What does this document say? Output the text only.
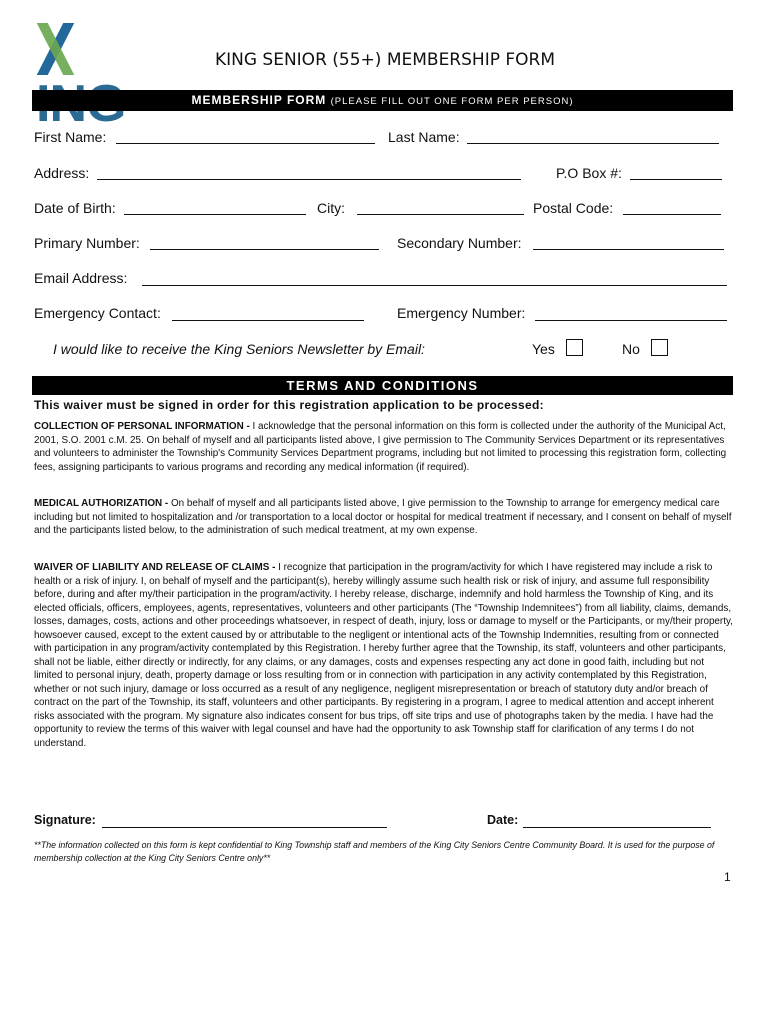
KING SENIOR (55+) MEMBERSHIP FORM
MEMBERSHIP FORM (PLEASE FILL OUT ONE FORM PER PERSON)
First Name:	Last Name:
Address:	P.O Box #:
Date of Birth:	City:	Postal Code:
Primary Number:	Secondary Number:
Email Address:
Emergency Contact:	Emergency Number:
I would like to receive the King Seniors Newsletter by Email:	Yes	No
TERMS AND CONDITIONS
This waiver must be signed in order for this registration application to be processed:
COLLECTION OF PERSONAL INFORMATION - I acknowledge that the personal information on this form is collected under the authority of the Municipal Act, 2001, S.O. 2001 c.M. 25. On behalf of myself and all participants listed above, I give permission to The Community Services Department or its representatives and volunteers to administer the Township's Community Services Department programs, including but not limited to processing this registration form, collecting fees, assigning participants to various programs and recording any medical information (if required).
MEDICAL AUTHORIZATION - On behalf of myself and all participants listed above, I give permission to the Township to arrange for emergency medical care including but not limited to hospitalization and /or transportation to a local doctor or hospital for medical treatment if necessary, and I consent on behalf of myself and the participants listed below, to the administration of such medical treatment, at my own expense.
WAIVER OF LIABILITY AND RELEASE OF CLAIMS - I recognize that participation in the program/activity for which I have registered may include a risk to health or a risk of injury. I, on behalf of myself and the participant(s), hereby willingly assume such health risk or risk of injury, and assume full responsibility before, during and after my/their participation in the program/activity. I hereby release, discharge, indemnify and hold harmless the Township of King, and its elected officials, officers, employees, agents, representatives, volunteers and other participants (The “Township Indemnitees”) from all liability, claims, demands, losses, damages, costs, actions and other proceedings whatsoever, in respect of death, injury, loss or damage to myself or the Participants, or my/their property, howsoever caused, except to the extent caused by or attributable to the negligent or intentional acts of the Township Indemnities, resulting from or connected with participation in any program/activity contemplated by this Registration. I hereby further agree that the Township, its staff, volunteers and other participants, shall not be liable, either directly or indirectly, for any claims, or any damages, costs and expenses respecting any act done in good faith, including but not limited to personal injury, death, property damage or loss resulting from or in connection with participation in any activity contemplated by this Registration, whether or not such injury, damage or loss occurred as a result of any negligence, negligent misrepresentation or breach of statutory duty and/or breach of contract on the part of the Township, its staff, volunteers and other participants. By registering in a program, I agree to medical attention and accept inherent risks associated with the program. My signature also indicates consent for bus trips, off site trips and use of photographs taken by the media. I have had the opportunity to review the terms of this waiver with legal counsel and have had the opportunity to ask Township staff for clarification of any terms I do not understand.
Signature:	Date:
**The information collected on this form is kept confidential to King Township staff and members of the King City Seniors Centre Community Board. It is used for the purpose of membership collection at the King City Seniors Centre only**
1
